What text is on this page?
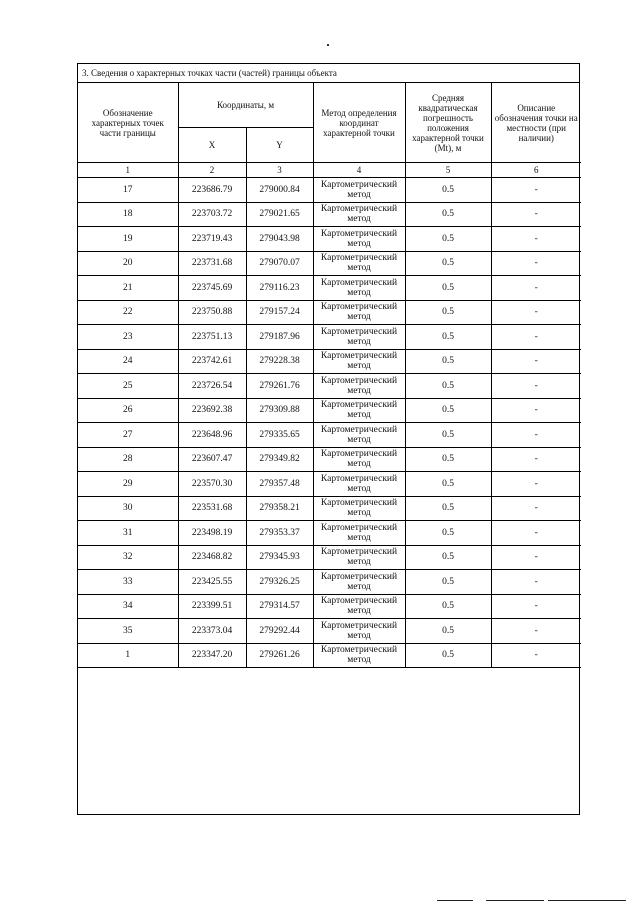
3. Сведения о характерных точках части (частей) границы объекта
Обозначение характерных точек части границы	Координаты, м		Метод определения координат характерной точки	Средняя квадратическая погрешность положения характерной точки (Mt), м	Описание обозначения точки на местности (при наличии)
	X	Y			
1	2	3	4	5	6
17	223686.79	279000.84	Картометрический метод	0.5	-
18	223703.72	279021.65	Картометрический метод	0.5	-
19	223719.43	279043.98	Картометрический метод	0.5	-
20	223731.68	279070.07	Картометрический метод	0.5	-
21	223745.69	279116.23	Картометрический метод	0.5	-
22	223750.88	279157.24	Картометрический метод	0.5	-
23	223751.13	279187.96	Картометрический метод	0.5	-
24	223742.61	279228.38	Картометрический метод	0.5	-
25	223726.54	279261.76	Картометрический метод	0.5	-
26	223692.38	279309.88	Картометрический метод	0.5	-
27	223648.96	279335.65	Картометрический метод	0.5	-
28	223607.47	279349.82	Картометрический метод	0.5	-
29	223570.30	279357.48	Картометрический метод	0.5	-
30	223531.68	279358.21	Картометрический метод	0.5	-
31	223498.19	279353.37	Картометрический метод	0.5	-
32	223468.82	279345.93	Картометрический метод	0.5	-
33	223425.55	279326.25	Картометрический метод	0.5	-
34	223399.51	279314.57	Картометрический метод	0.5	-
35	223373.04	279292.44	Картометрический метод	0.5	-
1	223347.20	279261.26	Картометрический метод	0.5	-
